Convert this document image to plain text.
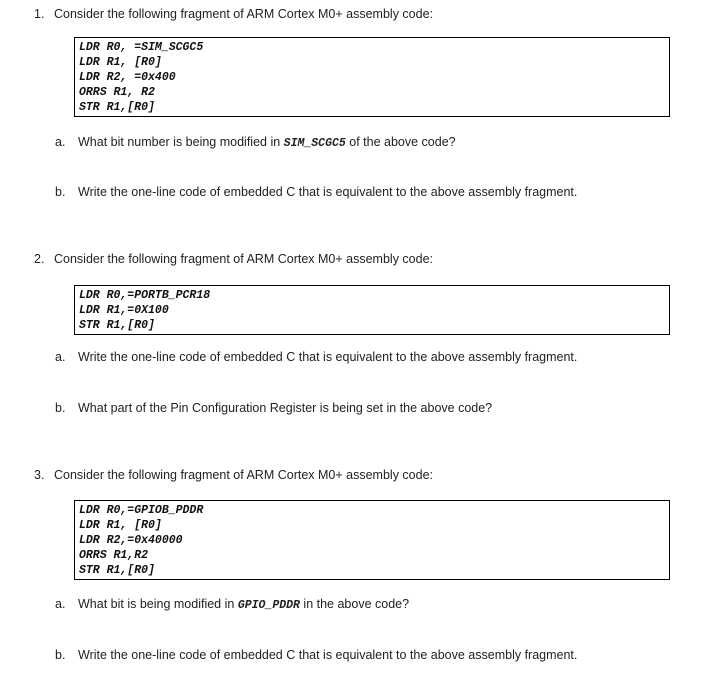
1. Consider the following fragment of ARM Cortex M0+ assembly code:
LDR R0, =SIM_SCGC5
LDR R1, [R0]
LDR R2, =0x400
ORRS R1, R2
STR R1,[R0]
a. What bit number is being modified in SIM_SCGC5 of the above code?
b. Write the one-line code of embedded C that is equivalent to the above assembly fragment.
2. Consider the following fragment of ARM Cortex M0+ assembly code:
LDR R0,=PORTB_PCR18
LDR R1,=0X100
STR R1,[R0]
a. Write the one-line code of embedded C that is equivalent to the above assembly fragment.
b. What part of the Pin Configuration Register is being set in the above code?
3. Consider the following fragment of ARM Cortex M0+ assembly code:
LDR R0,=GPIOB_PDDR
LDR R1, [R0]
LDR R2,=0x40000
ORRS R1,R2
STR R1,[R0]
a. What bit is being modified in GPIO_PDDR in the above code?
b. Write the one-line code of embedded C that is equivalent to the above assembly fragment.
